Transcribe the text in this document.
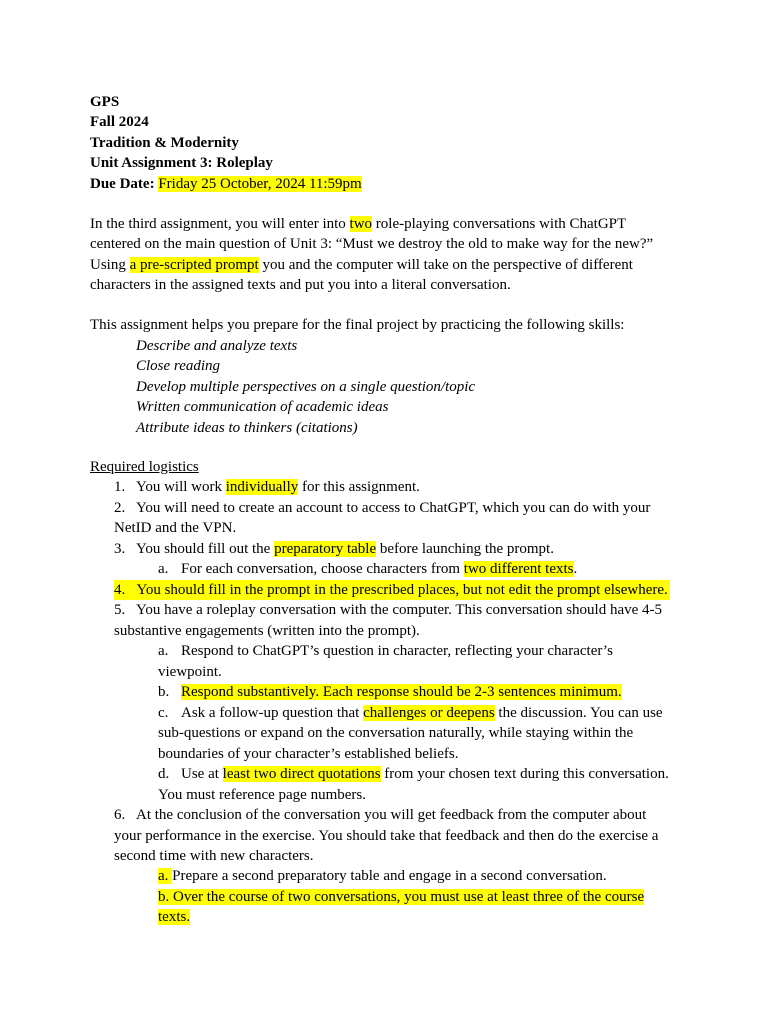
GPS
Fall 2024
Tradition & Modernity
Unit Assignment 3: Roleplay
Due Date: Friday 25 October, 2024 11:59pm
In the third assignment, you will enter into two role-playing conversations with ChatGPT
centered on the main question of Unit 3: “Must we destroy the old to make way for the new?”
Using a pre-scripted prompt you and the computer will take on the perspective of different
characters in the assigned texts and put you into a literal conversation.
This assignment helps you prepare for the final project by practicing the following skills:
Describe and analyze texts
Close reading
Develop multiple perspectives on a single question/topic
Written communication of academic ideas
Attribute ideas to thinkers (citations)
Required logistics
1. You will work individually for this assignment.
2. You will need to create an account to access to ChatGPT, which you can do with your
NetID and the VPN.
3. You should fill out the preparatory table before launching the prompt.
a. For each conversation, choose characters from two different texts.
4. You should fill in the prompt in the prescribed places, but not edit the prompt elsewhere.
5. You have a roleplay conversation with the computer. This conversation should have 4-5
substantive engagements (written into the prompt).
a. Respond to ChatGPT’s question in character, reflecting your character’s
viewpoint.
b. Respond substantively. Each response should be 2-3 sentences minimum.
c. Ask a follow-up question that challenges or deepens the discussion. You can use
sub-questions or expand on the conversation naturally, while staying within the
boundaries of your character’s established beliefs.
d. Use at least two direct quotations from your chosen text during this conversation.
You must reference page numbers.
6. At the conclusion of the conversation you will get feedback from the computer about
your performance in the exercise. You should take that feedback and then do the exercise a
second time with new characters.
a. Prepare a second preparatory table and engage in a second conversation.
b. Over the course of two conversations, you must use at least three of the course
texts.
